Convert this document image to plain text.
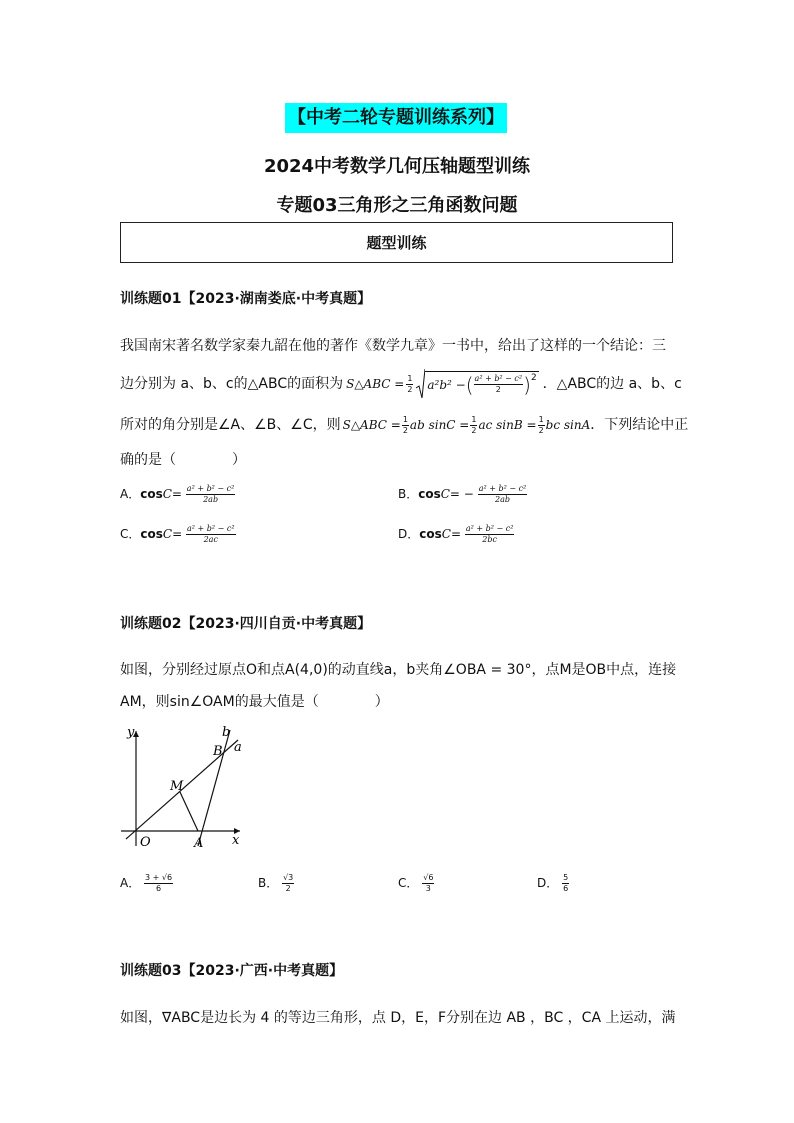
【中考二轮专题训练系列】
2024中考数学几何压轴题型训练
专题03三角形之三角函数问题
题型训练
训练题01【2023·湖南娄底·中考真题】
我国南宋著名数学家秦九韶在他的著作《数学九章》一书中，给出了这样的一个结论：三
边分别为 a、b、c的△ABC的面积为 S△ABC = $\frac{1}{2} a^2b^2$ − ( $\frac{\text{a² + b² − c²}}{2}$ ) 2 ．△ABC的边 a、b、c
所对的角分别是∠A、∠B、∠C，则 S△ABC = $\frac{1}{2}$ ab $\sin C = \frac{1}{2}$ ac $\sin B = \frac{1}{2}$ bc sinA ．下列结论中正
确的是（　　　　）
A．$\cos C= \frac{\text{a² + b² − c²}}{2ab}$	B．$\cos C= - \frac{\text{a² + b² − c²}}{2ab}$
C．$\cos C= \frac{\text{a² + b² − c²}}{2ac}$	D．$\cos C= \frac{\text{a² + b² − c²}}{2bc}$
训练题02【2023·四川自贡·中考真题】
如图，分别经过原点O和点A(4,0)的动直线a，b夹角∠OBA = 30°，点M是OB中点，连接
AM，则sin∠OAM的最大值是（　　　　）
y
x
O	A
B
M
a
b
A． $\frac{3 + √6}{6}$	B． $\frac{√3}{2}$	C． $\frac{√6}{3}$	D． $\frac{5}{6}$
训练题03【2023·广西·中考真题】
如图，∇ABC是边长为 4 的等边三角形，点 D，E，F分别在边 AB ，BC ，CA 上运动，满
